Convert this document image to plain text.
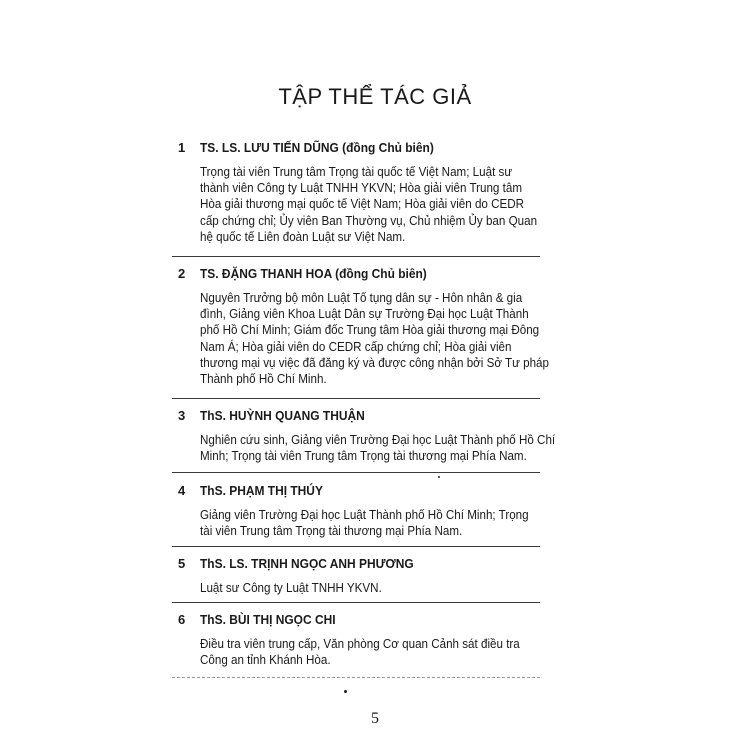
TẬP THỂ TÁC GIẢ
1 TS. LS. LƯU TIẾN DŨNG (đồng Chủ biên)
Trọng tài viên Trung tâm Trọng tài quốc tế Việt Nam; Luật sư
thành viên Công ty Luật TNHH YKVN; Hòa giải viên Trung tâm
Hòa giải thương mại quốc tế Việt Nam; Hòa giải viên do CEDR
cấp chứng chỉ; Ủy viên Ban Thường vụ, Chủ nhiệm Ủy ban Quan
hệ quốc tế Liên đoàn Luật sư Việt Nam.
2 TS. ĐẶNG THANH HOA (đồng Chủ biên)
Nguyên Trưởng bộ môn Luật Tố tụng dân sự - Hôn nhân & gia
đình, Giảng viên Khoa Luật Dân sự Trường Đại học Luật Thành
phố Hồ Chí Minh; Giám đốc Trung tâm Hòa giải thương mại Đông
Nam Á; Hòa giải viên do CEDR cấp chứng chỉ; Hòa giải viên
thương mại vụ việc đã đăng ký và được công nhận bởi Sở Tư pháp
Thành phố Hồ Chí Minh.
3 ThS. HUỲNH QUANG THUẬN
Nghiên cứu sinh, Giảng viên Trường Đại học Luật Thành phố Hồ Chí
Minh; Trọng tài viên Trung tâm Trọng tài thương mại Phía Nam.
4 ThS. PHẠM THỊ THÚY
Giảng viên Trường Đại học Luật Thành phố Hồ Chí Minh; Trọng
tài viên Trung tâm Trọng tài thương mại Phía Nam.
5 ThS. LS. TRỊNH NGỌC ANH PHƯƠNG
Luật sư Công ty Luật TNHH YKVN.
6 ThS. BÙI THỊ NGỌC CHI
Điều tra viên trung cấp, Văn phòng Cơ quan Cảnh sát điều tra
Công an tỉnh Khánh Hòa.
5
